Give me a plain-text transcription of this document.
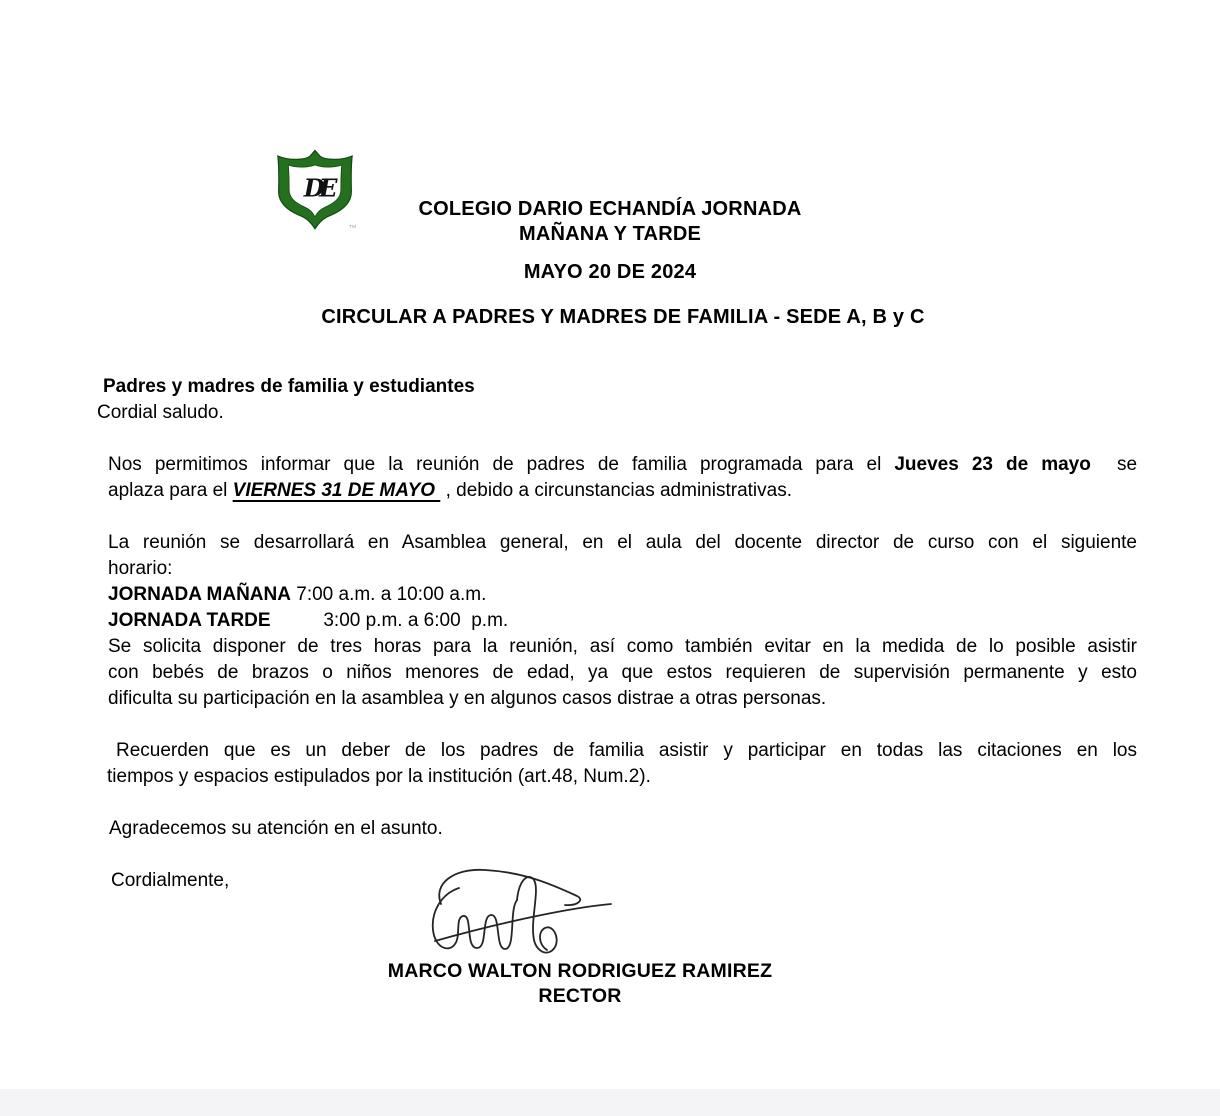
DE
TM
COLEGIO DARIO ECHANDÍA JORNADA
MAÑANA Y TARDE
MAYO 20 DE 2024
CIRCULAR A PADRES Y MADRES DE FAMILIA - SEDE A, B y C
Padres y madres de familia y estudiantes
Cordial saludo.
Nos permitimos informar que la reunión de padres de familia programada para el Jueves 23 de mayo  se
aplaza para el VIERNES 31 DE MAYO  , debido a circunstancias administrativas.
La reunión se desarrollará en Asamblea general, en el aula del docente director de curso con el siguiente
horario:
JORNADA MAÑANA 7:00 a.m. a 10:00 a.m.
JORNADA TARDE          3:00 p.m. a 6:00  p.m.
Se solicita disponer de tres horas para la reunión, así como también evitar en la medida de lo posible asistir
con bebés de brazos o niños menores de edad, ya que estos requieren de supervisión permanente y esto
dificulta su participación en la asamblea y en algunos casos distrae a otras personas.
Recuerden que es un deber de los padres de familia asistir y participar en todas las citaciones en los
tiempos y espacios estipulados por la institución (art.48, Num.2).
Agradecemos su atención en el asunto.
Cordialmente,
MARCO WALTON RODRIGUEZ RAMIREZ
RECTOR
